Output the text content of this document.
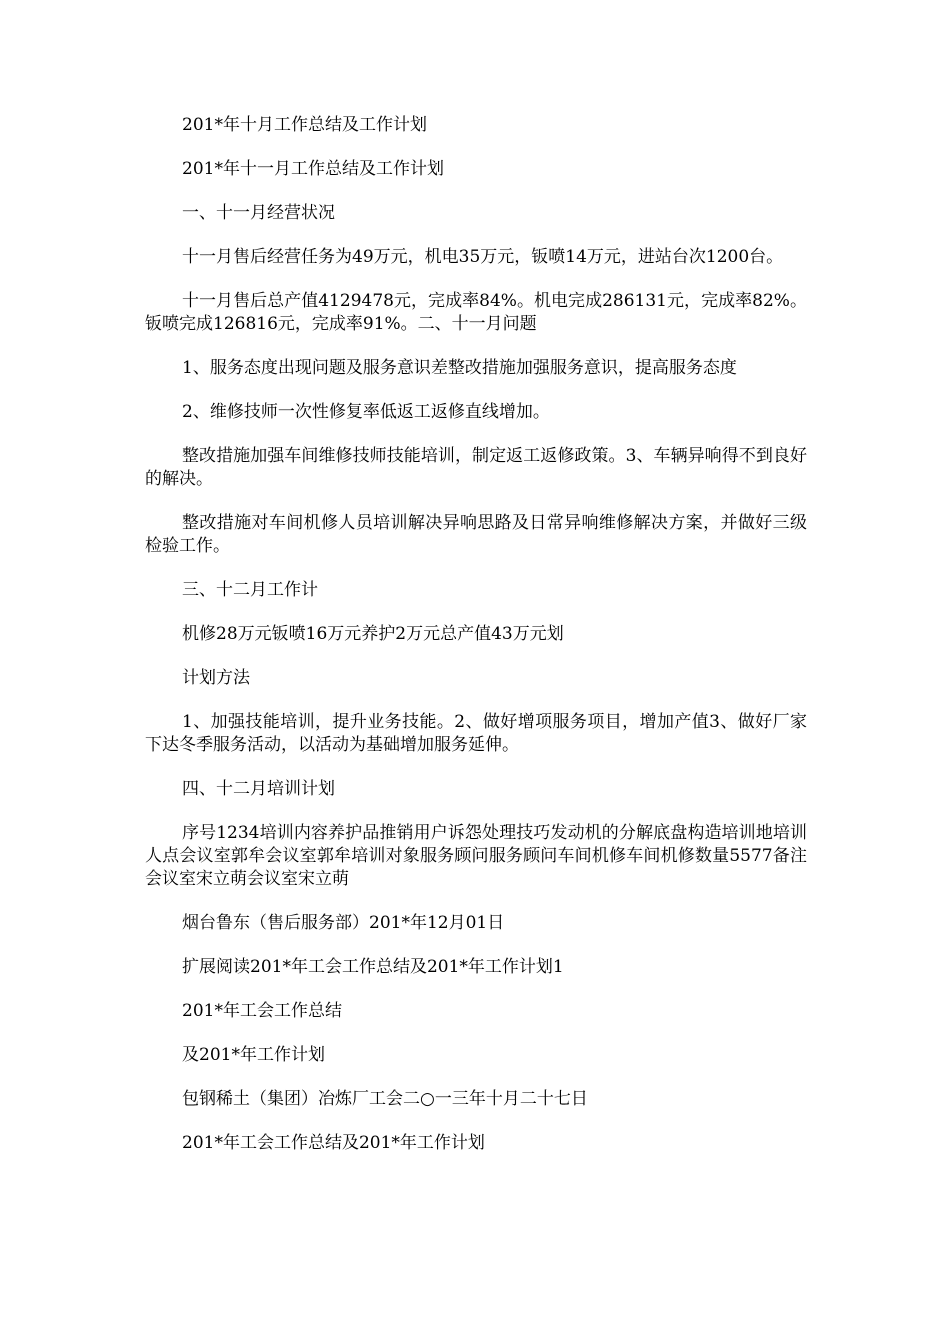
201*年十月工作总结及工作计划

201*年十一月工作总结及工作计划

一、十一月经营状况

十一月售后经营任务为49万元，机电35万元，钣喷14万元，进站台次1200台。

十一月售后总产值4129478元，完成率84%。机电完成286131元，完成率82%。钣喷完成126816元，完成率91%。二、十一月问题

1、服务态度出现问题及服务意识差整改措施加强服务意识，提高服务态度

2、维修技师一次性修复率低返工返修直线增加。

整改措施加强车间维修技师技能培训，制定返工返修政策。3、车辆异响得不到良好的解决。

整改措施对车间机修人员培训解决异响思路及日常异响维修解决方案，并做好三级检验工作。

三、十二月工作计

机修28万元钣喷16万元养护2万元总产值43万元划

计划方法

1、加强技能培训，提升业务技能。2、做好增项服务项目，增加产值3、做好厂家下达冬季服务活动，以活动为基础增加服务延伸。

四、十二月培训计划

序号1234培训内容养护品推销用户诉怨处理技巧发动机的分解底盘构造培训地培训人点会议室郭牟会议室郭牟培训对象服务顾问服务顾问车间机修车间机修数量5577备注会议室宋立萌会议室宋立萌

烟台鲁东（售后服务部）201*年12月01日

扩展阅读201*年工会工作总结及201*年工作计划1

201*年工会工作总结

及201*年工作计划

包钢稀土（集团）冶炼厂工会二○一三年十月二十七日

201*年工会工作总结及201*年工作计划
